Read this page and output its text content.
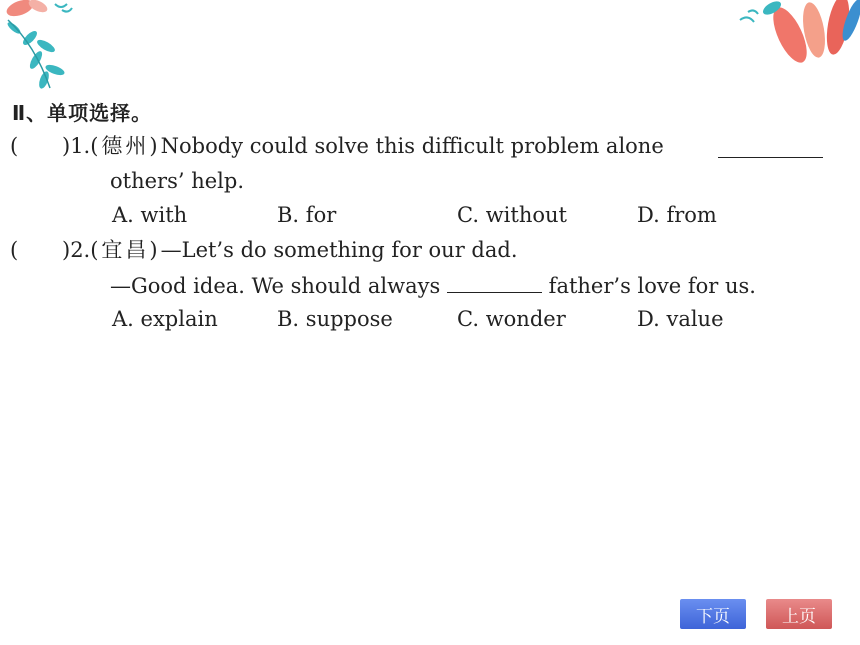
Ⅱ、单项选择。
( )1.(德州)Nobody could solve this difficult problem alone
others’ help.
A. with	B. for	C. without	D. from
( )2.(宜昌)—Let’s do something for our dad.
—Good idea. We should always	father’s love for us.
A. explain	B. suppose	C. wonder	D. value
下页	上页
